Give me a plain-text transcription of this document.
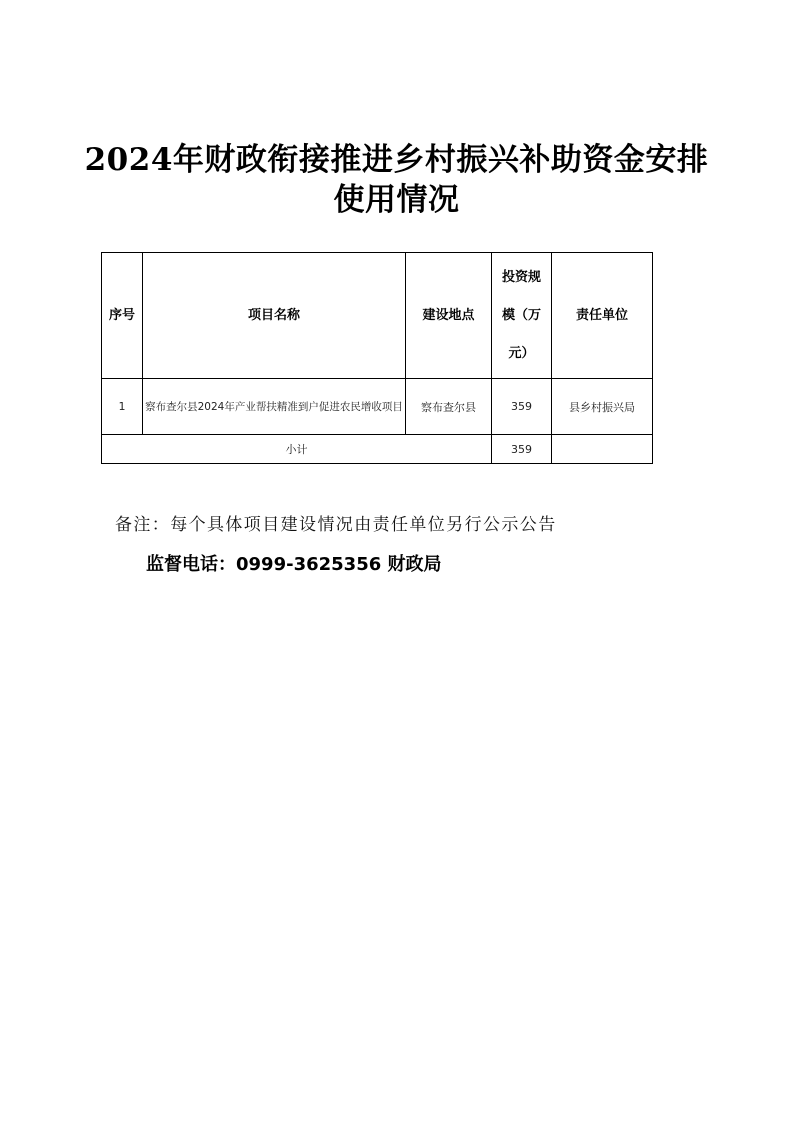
2024年财政衔接推进乡村振兴补助资金安排
使用情况
序号	项目名称	建设地点	投资规
模（万
元）	责任单位
1	察布查尔县2024年产业帮扶精准到户促进农民增收项目	察布查尔县	359	县乡村振兴局
小计			359	
备注：每个具体项目建设情况由责任单位另行公示公告
监督电话：0999-3625356 财政局
